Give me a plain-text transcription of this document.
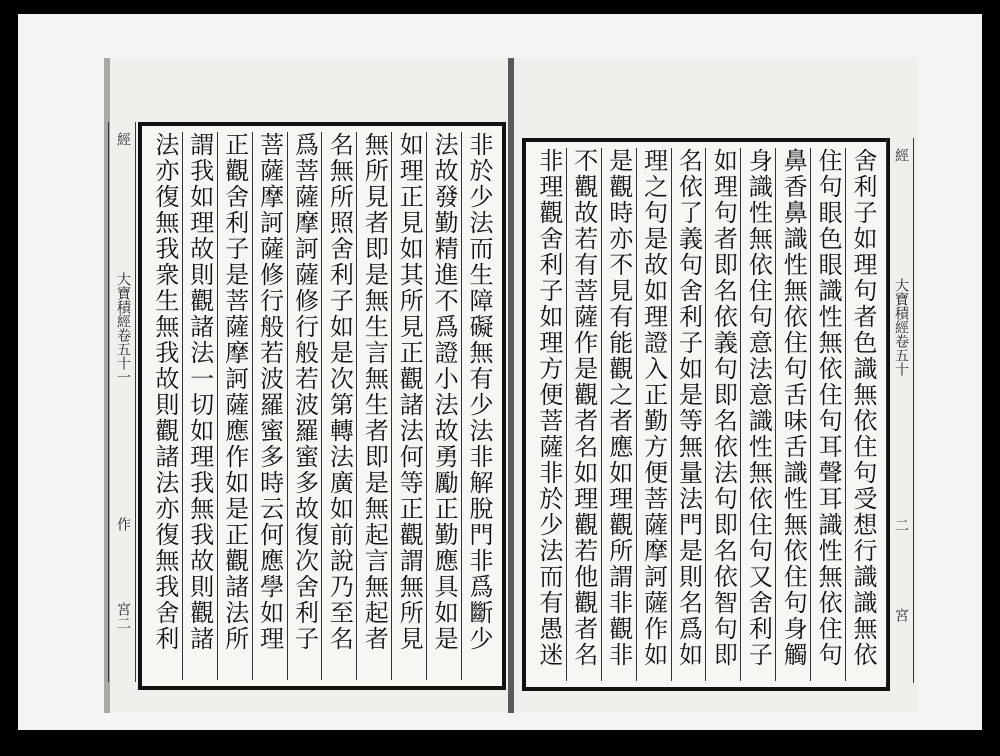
經
大寶積經卷五十一
作
宮二	非於少法而生障礙無有少法非解脫門非爲斷少
法故發勤精進不爲證小法故勇勵正勤應具如是
如理正見如其所見正觀諸法何等正觀謂無所見
無所見者即是無生言無生者即是無起言無起者
名無所照舍利子如是次第轉法廣如前說乃至名
爲菩薩摩訶薩修行般若波羅蜜多故復次舍利子
菩薩摩訶薩修行般若波羅蜜多時云何應學如理
正觀舍利子是菩薩摩訶薩應作如是正觀諸法所
謂我如理故則觀諸法一切如理我無我故則觀諸
法亦復無我衆生無我故則觀諸法亦復無我舍利	舍利子如理句者色識無依住句受想行識識無依
住句眼色眼識性無依住句耳聲耳識性無依住句
鼻香鼻識性無依住句舌味舌識性無依住句身觸
身識性無依住句意法意識性無依住句又舍利子
如理句者即名依義句即名依法句即名依智句即
名依了義句舍利子如是等無量法門是則名爲如
理之句是故如理證入正勤方便菩薩摩訶薩作如
是觀時亦不見有能觀之者應如理觀所謂非觀非
不觀故若有菩薩作是觀者名如理觀若他觀者名
非理觀舍利子如理方便菩薩非於少法而有愚迷	經
大寶積經卷五十
二
宮
